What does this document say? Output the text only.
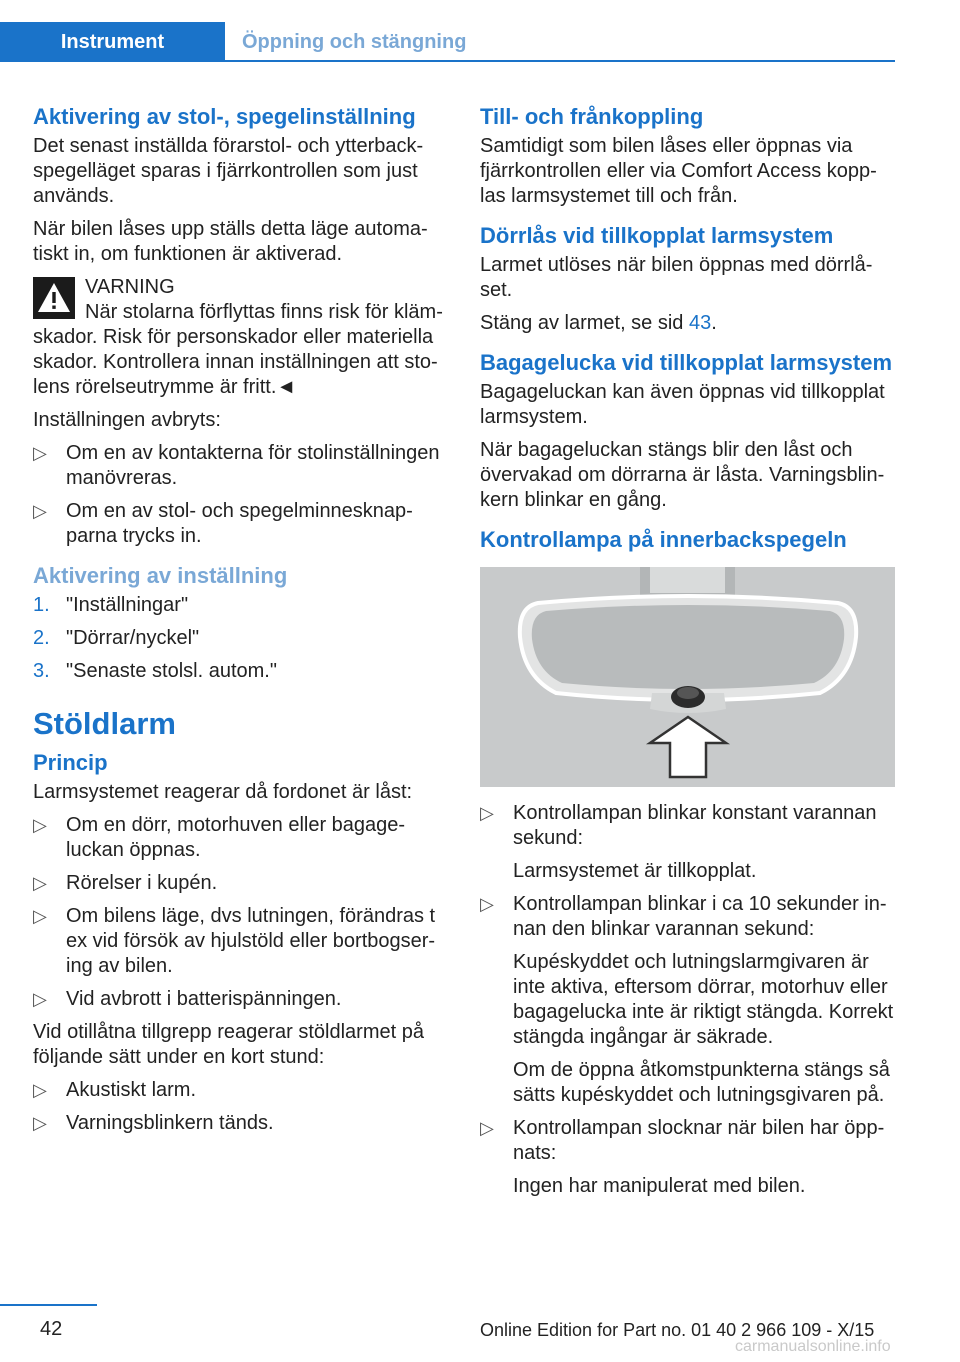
Instrument	Öppning och stängning
Aktivering av stol-, spegelinställning

Det senast inställda förarstol- och ytterback-spegelläget sparas i fjärrkontrollen som just används.

När bilen låses upp ställs detta läge automa-tiskt in, om funktionen är aktiverad.

VARNING
När stolarna förflyttas finns risk för kläm-skador. Risk för personskador eller materiella skador. Kontrollera innan inställningen att sto-lens rörelseutrymme är fritt.◄

Inställningen avbryts:

▷ Om en av kontakterna för stolinställningen manövreras.
▷ Om en av stol- och spegelminnesknap-parna trycks in.
Aktivering av inställning
1. "Inställningar"
2. "Dörrar/nyckel"
3. "Senaste stolsl. autom."
Stöldlarm
Princip

Larmsystemet reagerar då fordonet är låst:

▷ Om en dörr, motorhuven eller bagage-luckan öppnas.
▷ Rörelser i kupén.
▷ Om bilens läge, dvs lutningen, förändras t ex vid försök av hjulstöld eller bortbogser-ing av bilen.
▷ Vid avbrott i batterispänningen.

Vid otillåtna tillgrepp reagerar stöldlarmet på följande sätt under en kort stund:

▷ Akustiskt larm.
▷ Varningsblinkern tänds.
Till- och frånkoppling

Samtidigt som bilen låses eller öppnas via fjärrkontrollen eller via Comfort Access kopp-las larmsystemet till och från.

Dörrlås vid tillkopplat larmsystem

Larmet utlöses när bilen öppnas med dörrlå-set.

Stäng av larmet, se sid 43.

Bagagelucka vid tillkopplat larmsystem

Bagageluckan kan även öppnas vid tillkopplat larmsystem.

När bagageluckan stängs blir den låst och övervakad om dörrarna är låsta. Varningsblin-kern blinkar en gång.

Kontrollampa på innerbackspegeln
▷ Kontrollampan blinkar konstant varannan sekund:
Larmsystemet är tillkopplat.
▷ Kontrollampan blinkar i ca 10 sekunder in-nan den blinkar varannan sekund:
Kupéskyddet och lutningslarmgivaren är inte aktiva, eftersom dörrar, motorhuv eller bagagelucka inte är riktigt stängda. Korrekt stängda ingångar är säkrade.
Om de öppna åtkomstpunkterna stängs så sätts kupéskyddet och lutningsgivaren på.
▷ Kontrollampan slocknar när bilen har öpp-nats:
Ingen har manipulerat med bilen.
42	Online Edition for Part no. 01 40 2 966 109 - X/15
carmanualsonline.info
